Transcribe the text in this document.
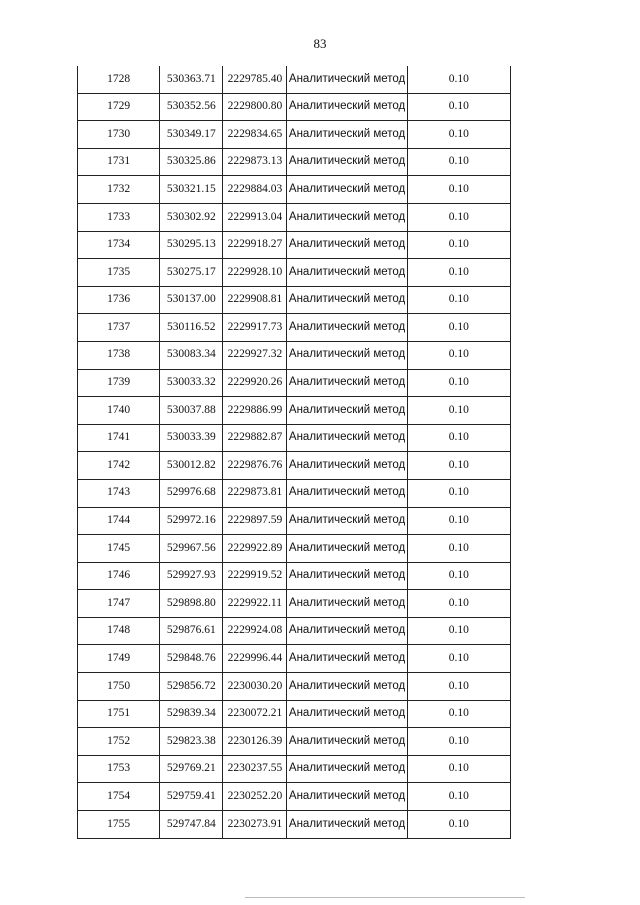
83
1728	530363.71	2229785.40	Аналитический метод	0.10
1729	530352.56	2229800.80	Аналитический метод	0.10
1730	530349.17	2229834.65	Аналитический метод	0.10
1731	530325.86	2229873.13	Аналитический метод	0.10
1732	530321.15	2229884.03	Аналитический метод	0.10
1733	530302.92	2229913.04	Аналитический метод	0.10
1734	530295.13	2229918.27	Аналитический метод	0.10
1735	530275.17	2229928.10	Аналитический метод	0.10
1736	530137.00	2229908.81	Аналитический метод	0.10
1737	530116.52	2229917.73	Аналитический метод	0.10
1738	530083.34	2229927.32	Аналитический метод	0.10
1739	530033.32	2229920.26	Аналитический метод	0.10
1740	530037.88	2229886.99	Аналитический метод	0.10
1741	530033.39	2229882.87	Аналитический метод	0.10
1742	530012.82	2229876.76	Аналитический метод	0.10
1743	529976.68	2229873.81	Аналитический метод	0.10
1744	529972.16	2229897.59	Аналитический метод	0.10
1745	529967.56	2229922.89	Аналитический метод	0.10
1746	529927.93	2229919.52	Аналитический метод	0.10
1747	529898.80	2229922.11	Аналитический метод	0.10
1748	529876.61	2229924.08	Аналитический метод	0.10
1749	529848.76	2229996.44	Аналитический метод	0.10
1750	529856.72	2230030.20	Аналитический метод	0.10
1751	529839.34	2230072.21	Аналитический метод	0.10
1752	529823.38	2230126.39	Аналитический метод	0.10
1753	529769.21	2230237.55	Аналитический метод	0.10
1754	529759.41	2230252.20	Аналитический метод	0.10
1755	529747.84	2230273.91	Аналитический метод	0.10
